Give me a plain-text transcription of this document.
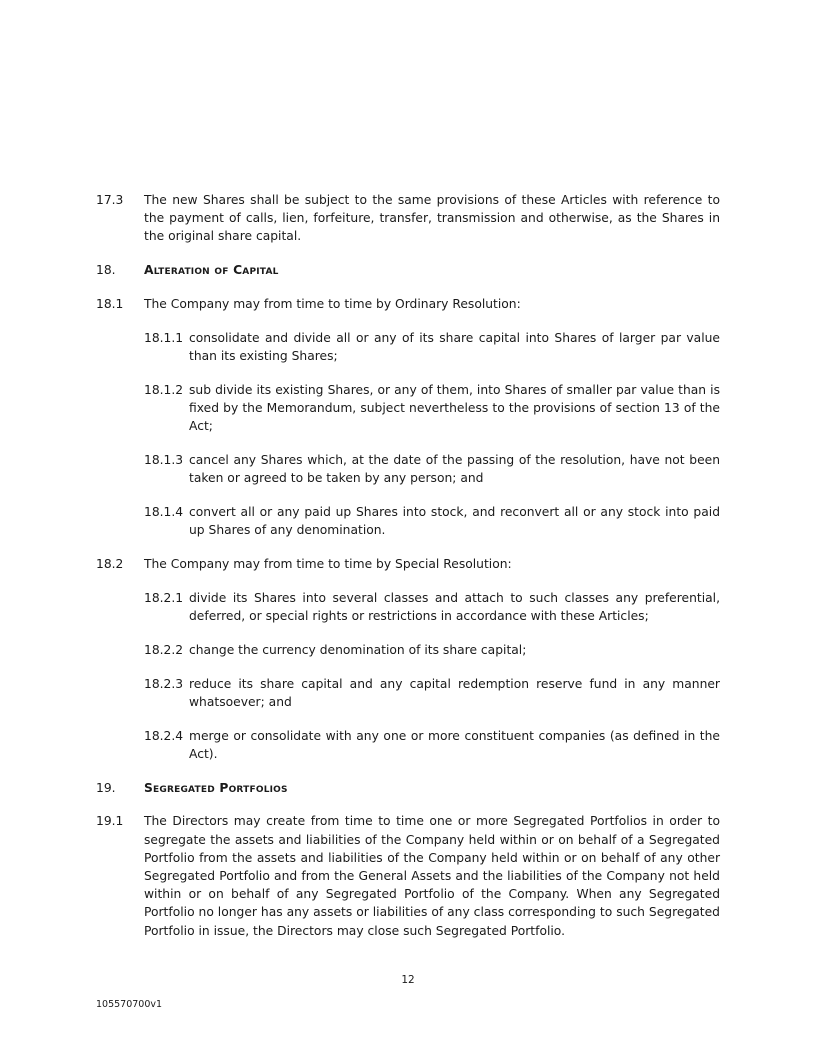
17.3 The new Shares shall be subject to the same provisions of these Articles with reference to the payment of calls, lien, forfeiture, transfer, transmission and otherwise, as the Shares in the original share capital.

18. Alteration of Capital

18.1 The Company may from time to time by Ordinary Resolution:

18.1.1 consolidate and divide all or any of its share capital into Shares of larger par value than its existing Shares;
18.1.2 sub divide its existing Shares, or any of them, into Shares of smaller par value than is fixed by the Memorandum, subject nevertheless to the provisions of section 13 of the Act;
18.1.3 cancel any Shares which, at the date of the passing of the resolution, have not been taken or agreed to be taken by any person; and
18.1.4 convert all or any paid up Shares into stock, and reconvert all or any stock into paid up Shares of any denomination.

18.2 The Company may from time to time by Special Resolution:

18.2.1 divide its Shares into several classes and attach to such classes any preferential, deferred, or special rights or restrictions in accordance with these Articles;
18.2.2 change the currency denomination of its share capital;
18.2.3 reduce its share capital and any capital redemption reserve fund in any manner whatsoever; and
18.2.4 merge or consolidate with any one or more constituent companies (as defined in the Act).
19. Segregated Portfolios

19.1 The Directors may create from time to time one or more Segregated Portfolios in order to segregate the assets and liabilities of the Company held within or on behalf of a Segregated Portfolio from the assets and liabilities of the Company held within or on behalf of any other Segregated Portfolio and from the General Assets and the liabilities of the Company not held within or on behalf of any Segregated Portfolio of the Company. When any Segregated Portfolio no longer has any assets or liabilities of any class corresponding to such Segregated Portfolio in issue, the Directors may close such Segregated Portfolio.

12
105570700v1
